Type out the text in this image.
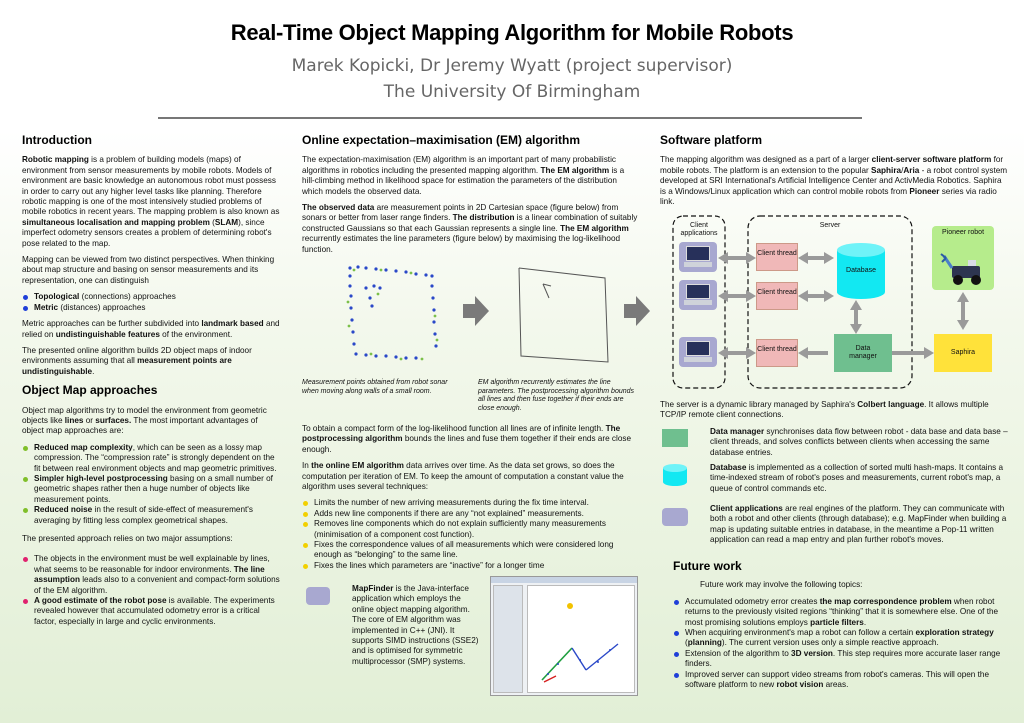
Real-Time Object Mapping Algorithm for Mobile Robots
Marek Kopicki, Dr Jeremy Wyatt (project supervisor)
The University Of Birmingham
Introduction

Robotic mapping is a problem of building models (maps) of environment from sensor measurements by mobile robots. Models of environment are basic knowledge an autonomous robot must possess in order to carry out any higher level tasks like planning. Therefore robotic mapping is one of the most intensively studied problems of mobile robotics in recent years. The mapping problem is also known as simultaneous localisation and mapping problem (SLAM), since imperfect odometry sensors creates a problem of determining robot's pose related to the map.

Mapping can be viewed from two distinct perspectives. When thinking about map structure and basing on sensor measurements and its representation, one can distinguish

Topological (connections) approaches
Metric (distances) approaches

Metric approaches can be further subdivided into landmark based and relied on undistinguishable features of the environment.

The presented online algorithm builds 2D object maps of indoor environments assuming that all measurement points are undistinguishable.

Object Map approaches

Object map algorithms try to model the environment from geometric objects like lines or surfaces. The most important advantages of object map approaches are:

Reduced map complexity, which can be seen as a lossy map compression. The “compression rate” is strongly dependent on the fit between real environment objects and map geometric primitives.
Simpler high-level postprocessing basing on a small number of geometric shapes rather then a huge number of objects like measurement points.
Reduced noise in the result of side-effect of measurement's averaging by fitting less complex geometrical shapes.

The presented approach relies on two major assumptions:

The objects in the environment must be well explainable by lines, what seems to be reasonable for indoor environments. The line assumption leads also to a convenient and compact-form solutions of the EM algorithm.
A good estimate of the robot pose is available. The experiments revealed however that accumulated odometry error is a critical factor, especially in large and cyclic environments.
Online expectation–maximisation (EM) algorithm

The expectation-maximisation (EM) algorithm is an important part of many probabilistic algorithms in robotics including the presented mapping algorithm. The EM algorithm is a hill-climbing method in likelihood space for estimation the parameters of the distribution which models the observed data.

The observed data are measurement points in 2D Cartesian space (figure below) from sonars or better from laser range finders. The distribution is a linear combination of suitably constructed Gaussians so that each Gaussian represents a single line. The EM algorithm recurrently estimates the line parameters (figure below) by maximising the log-likelihood function.

Measurement points obtained from robot sonar when moving along walls of a small room.
EM algorithm recurrently estimates the line parameters. The postprocessing algorithm bounds all lines and then fuse together if their ends are close enough.

To obtain a compact form of the log-likelihood function all lines are of infinite length. The postprocessing algorithm bounds the lines and fuse them together if their ends are close enough.

In the online EM algorithm data arrives over time. As the data set grows, so does the computation per iteration of EM. To keep the amount of computation a constant value the algorithm uses several techniques:

Limits the number of new arriving measurements during the fix time interval.
Adds new line components if there are any “not explained” measurements.
Removes line components which do not explain sufficiently many measurements (minimisation of a component cost function).
Fixes the correspondence values of all measurements which were considered long enough as “belonging” to the same line.
Fixes the lines which parameters are “inactive” for a longer time

MapFinder is the Java-interface application which employs the online object mapping algorithm. The core of EM algorithm was implemented in C++ (JNI). It supports SIMD instructions (SSE2) and is optimised for symmetric multiprocessor (SMP) systems.

Software platform

The mapping algorithm was designed as a part of a larger client-server software platform for mobile robots. The platform is an extension to the popular Saphira/Aria - a robot control system developed at SRI International's Artificial Intelligence Center and ActivMedia Robotics. Saphira is a Windows/Linux application which can control mobile robots from Pioneer series via radio link.

Client applications
Server
Client thread
Client thread
Client thread
Database
Data manager
Pioneer robot
Saphira

The server is a dynamic library managed by Saphira's Colbert language. It allows multiple TCP/IP remote client connections.

Data manager synchronises data flow between robot - data base and data base – client threads, and solves conflicts between clients when accessing the same database entries.
Database is implemented as a collection of sorted multi hash-maps. It contains a time-indexed stream of robot's poses and measurements, current robot's map, a queue of control commands etc.
Client applications are real engines of the platform. They can communicate with both a robot and other clients (through database); e.g. MapFinder when building a map is updating suitable entries in database, in the meantime a Pop-11 written application can read a map entry and plan further robot's moves.
Future work

Future work may involve the following topics:

Accumulated odometry error creates the map correspondence problem when robot returns to the previously visited regions “thinking” that it is somewhere else. One of the most promising solutions employs particle filters.
When acquiring environment's map a robot can follow a certain exploration strategy (planning). The current version uses only a simple reactive approach.
Extension of the algorithm to 3D version. This step requires more accurate laser range finders.
Improved server can support video streams from robot's cameras. This will open the software platform to new robot vision areas.
